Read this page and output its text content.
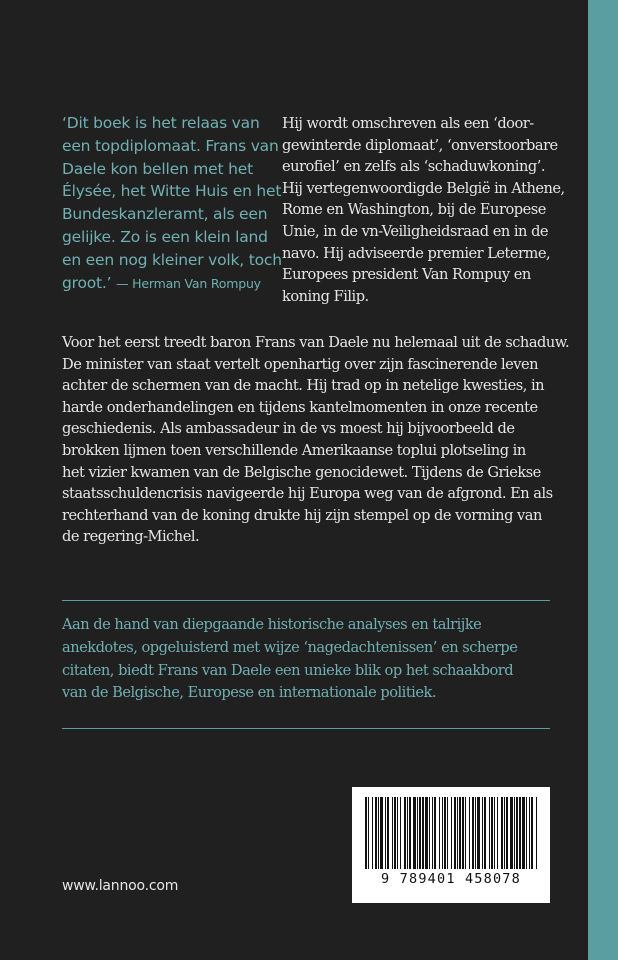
‘Dit boek is het relaas van
een topdiplomaat. Frans van
Daele kon bellen met het
Élysée, het Witte Huis en het
Bundeskanzleramt, als een
gelijke. Zo is een klein land
en een nog kleiner volk, toch
groot.’ — Herman Van Rompuy
Hij wordt omschreven als een ‘door-
gewinterde diplomaat’, ‘onverstoorbare
eurofiel’ en zelfs als ‘schaduwkoning’.
Hij vertegenwoordigde België in Athene,
Rome en Washington, bij de Europese
Unie, in de vn-Veiligheidsraad en in de
navo. Hij adviseerde premier Leterme,
Europees president Van Rompuy en
koning Filip.
Voor het eerst treedt baron Frans van Daele nu helemaal uit de schaduw.
De minister van staat vertelt openhartig over zijn fascinerende leven
achter de schermen van de macht. Hij trad op in netelige kwesties, in
harde onderhandelingen en tijdens kantelmomenten in onze recente
geschiedenis. Als ambassadeur in de vs moest hij bijvoorbeeld de
brokken lijmen toen verschillende Amerikaanse toplui plotseling in
het vizier kwamen van de Belgische genocidewet. Tijdens de Griekse
staatsschuldencrisis navigeerde hij Europa weg van de afgrond. En als
rechterhand van de koning drukte hij zijn stempel op de vorming van
de regering-Michel.
Aan de hand van diepgaande historische analyses en talrijke
anekdotes, opgeluisterd met wijze ‘nagedachtenissen’ en scherpe
citaten, biedt Frans van Daele een unieke blik op het schaakbord
van de Belgische, Europese en internationale politiek.
9 789401 458078
www.lannoo.com
